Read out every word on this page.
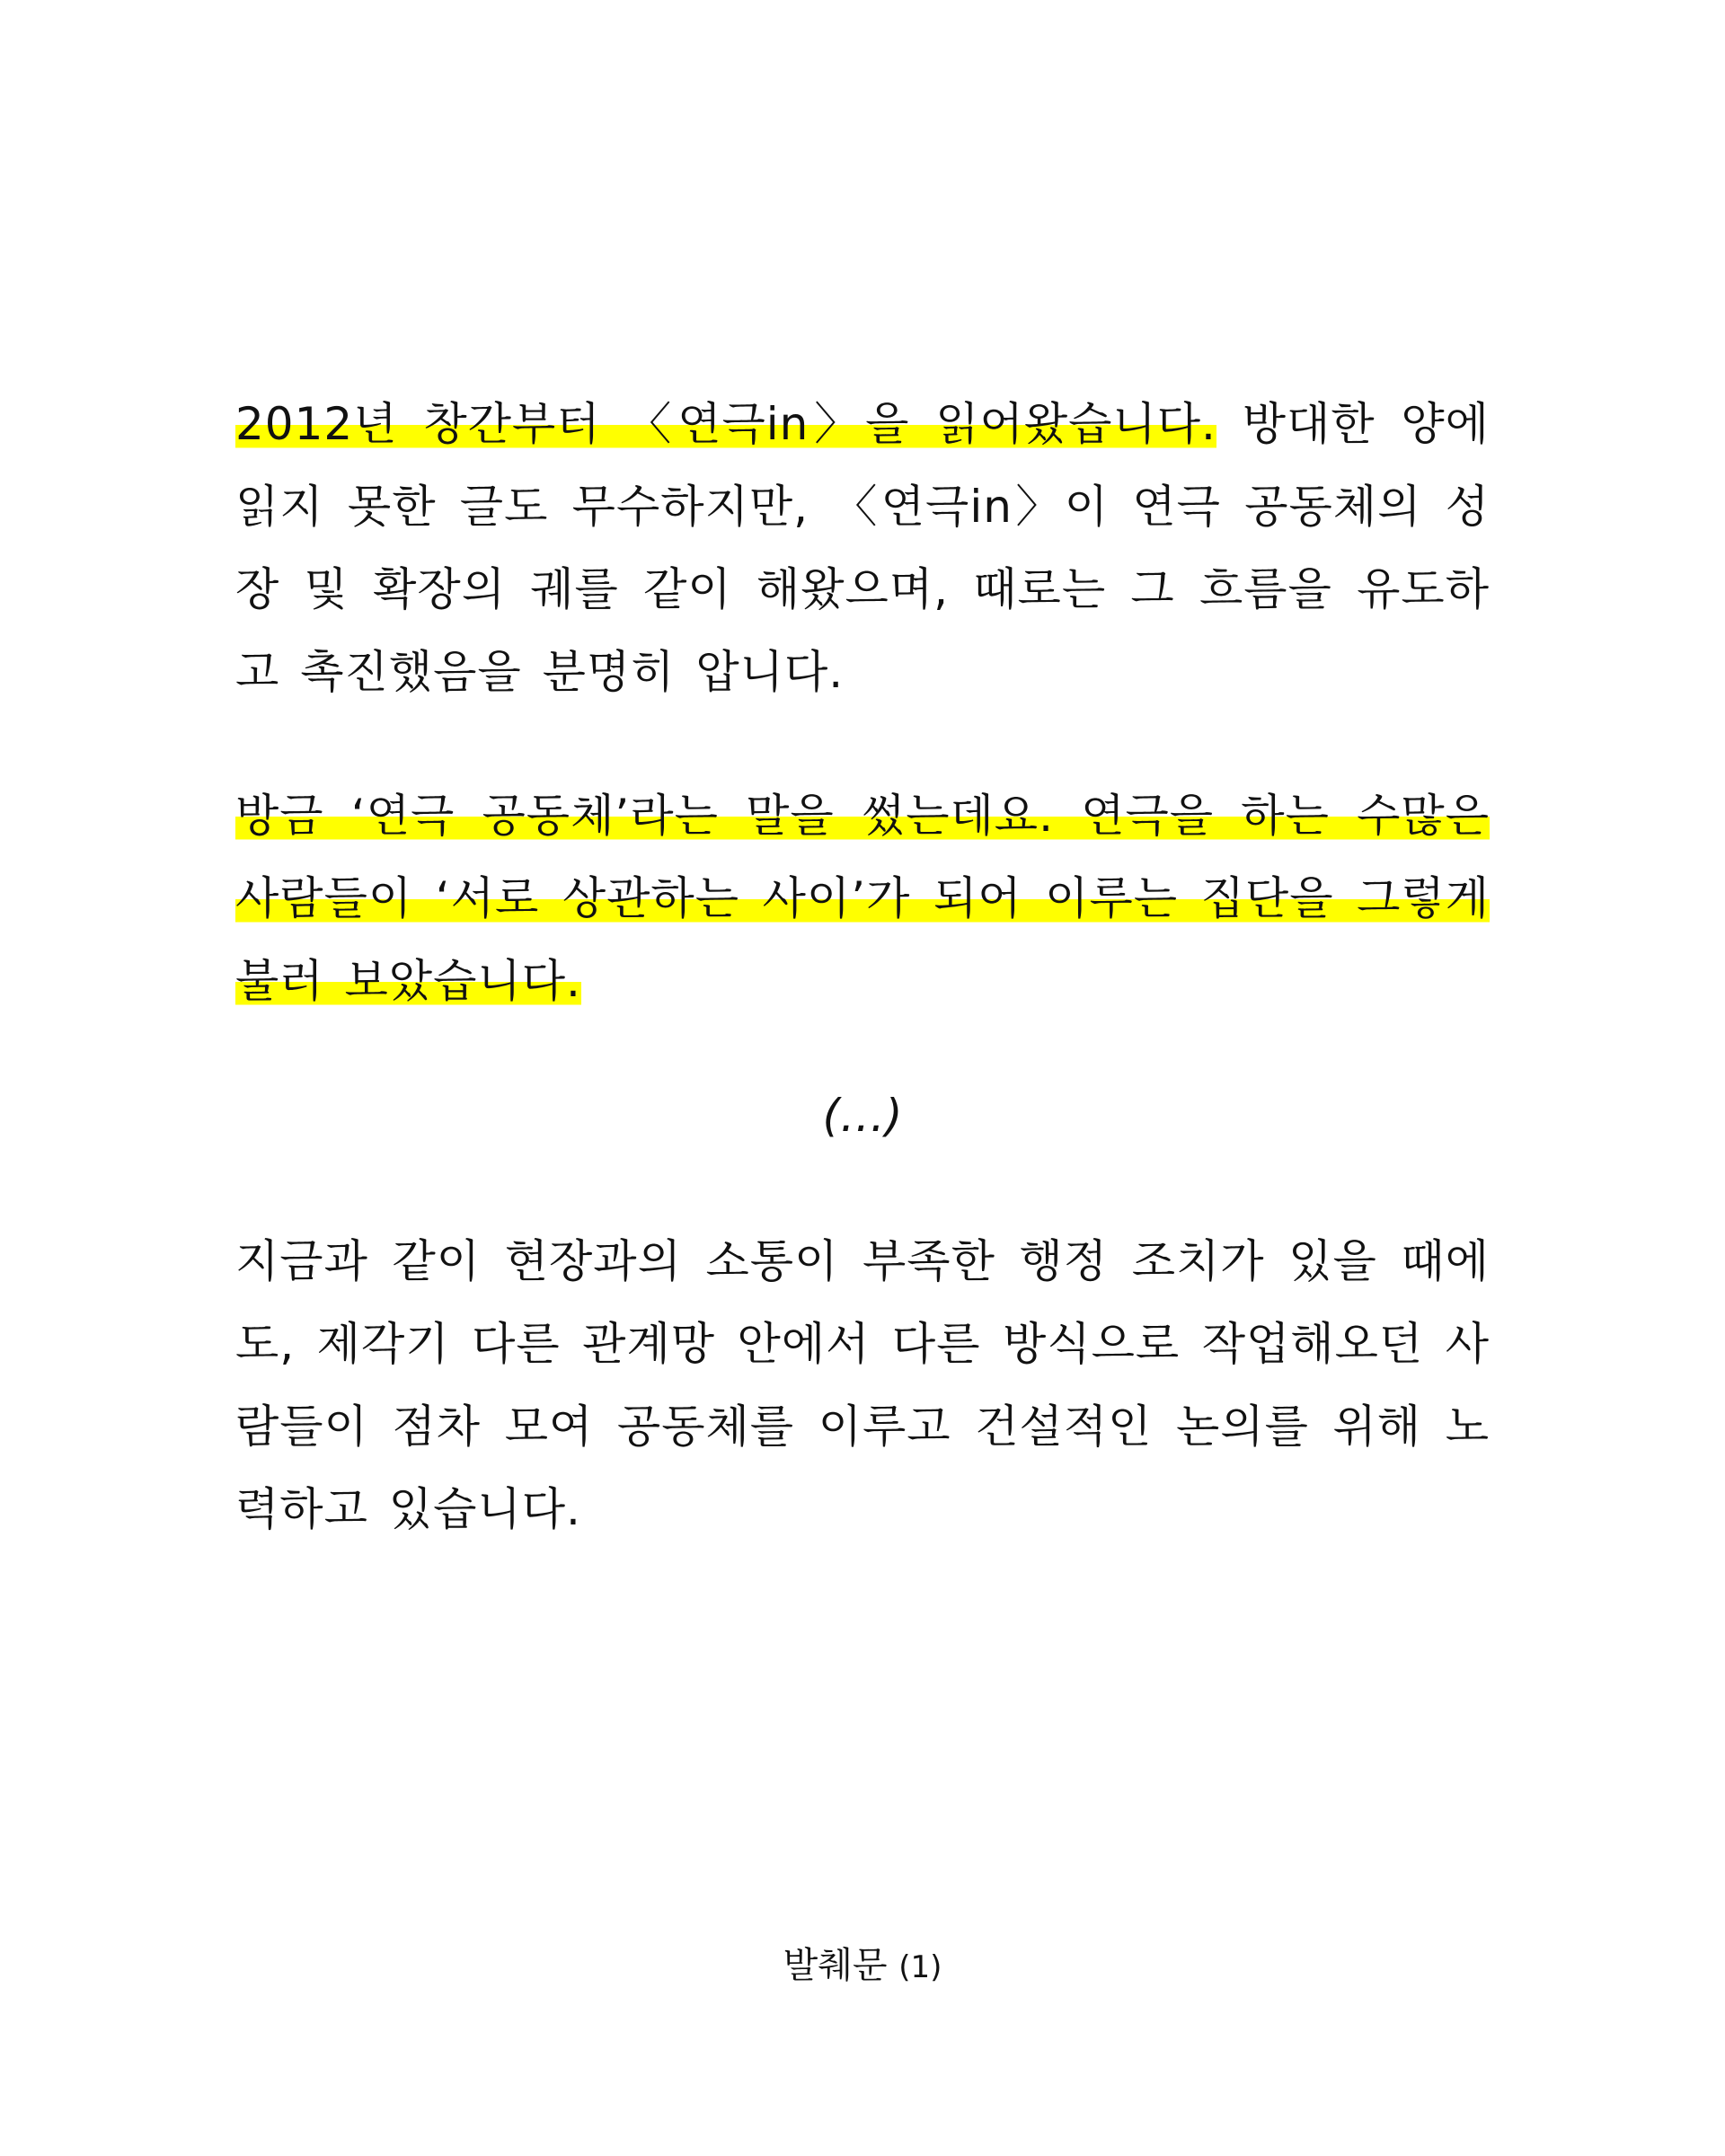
2012년 창간부터 〈연극in〉을 읽어왔습니다. 방대한 양에 읽지 못한 글도 무수하지만, 〈연극in〉이 연극 공동체의 성장 및 확장의 궤를 같이 해왔으며, 때로는 그 흐름을 유도하고 촉진했음을 분명히 압니다.

방금 ‘연극 공동체’라는 말을 썼는데요. 연극을 하는 수많은 사람들이 ‘서로 상관하는 사이’가 되어 이루는 집단을 그렇게 불러 보았습니다.

(…)

지금과 같이 현장과의 소통이 부족한 행정 조치가 있을 때에도, 제각기 다른 관계망 안에서 다른 방식으로 작업해오던 사람들이 점차 모여 공동체를 이루고 건설적인 논의를 위해 노력하고 있습니다.

발췌문 (1)
